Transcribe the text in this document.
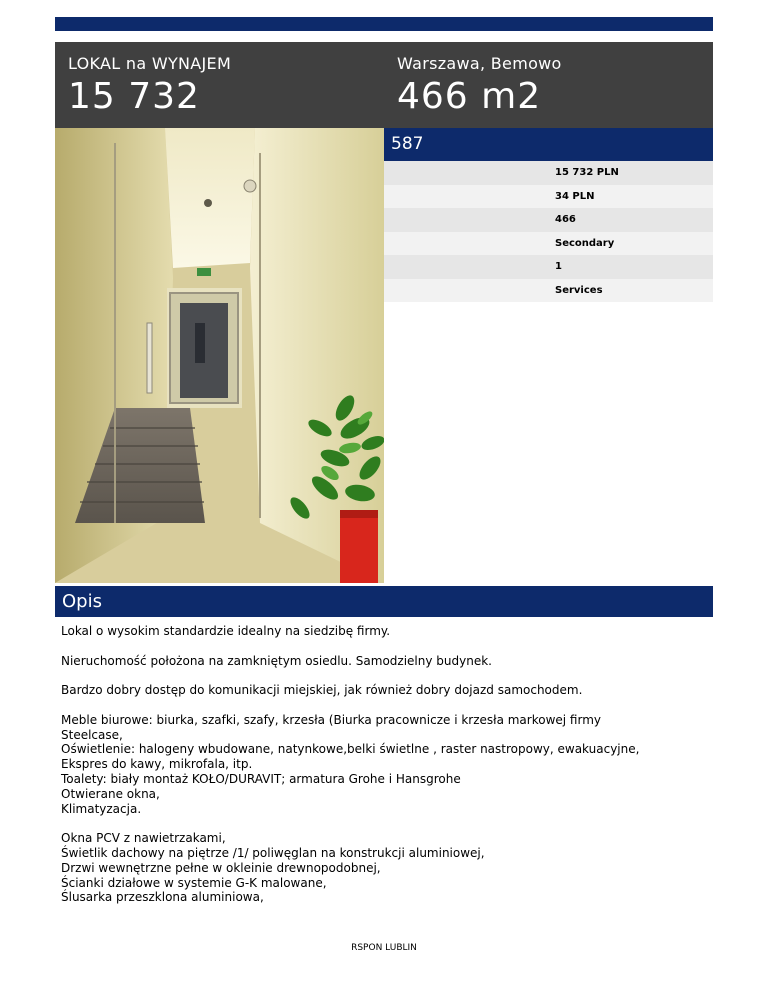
LOKAL na WYNAJEM
15 732
Warszawa, Bemowo
466 m2
587
15 732 PLN
34 PLN
466
Secondary
1
Services
Opis

Lokal o wysokim standardzie idealny na siedzibę firmy.

Nieruchomość położona na zamkniętym osiedlu. Samodzielny budynek.

Bardzo dobry dostęp do komunikacji miejskiej, jak również dobry dojazd samochodem.

Meble biurowe: biurka, szafki, szafy, krzesła (Biurka pracownicze i krzesła markowej firmy
Steelcase,
Oświetlenie: halogeny wbudowane, natynkowe,belki świetlne , raster nastropowy, ewakuacyjne,
Ekspres do kawy, mikrofala, itp.
Toalety: biały montaż KOŁO/DURAVIT; armatura Grohe i Hansgrohe
Otwierane okna,
Klimatyzacja.

Okna PCV z nawietrzakami,
Świetlik dachowy na piętrze /1/ poliwęglan na konstrukcji aluminiowej,
Drzwi wewnętrzne pełne w okleinie drewnopodobnej,
Ścianki działowe w systemie G-K malowane,
Ślusarka przeszklona aluminiowa,

RSPON LUBLIN
